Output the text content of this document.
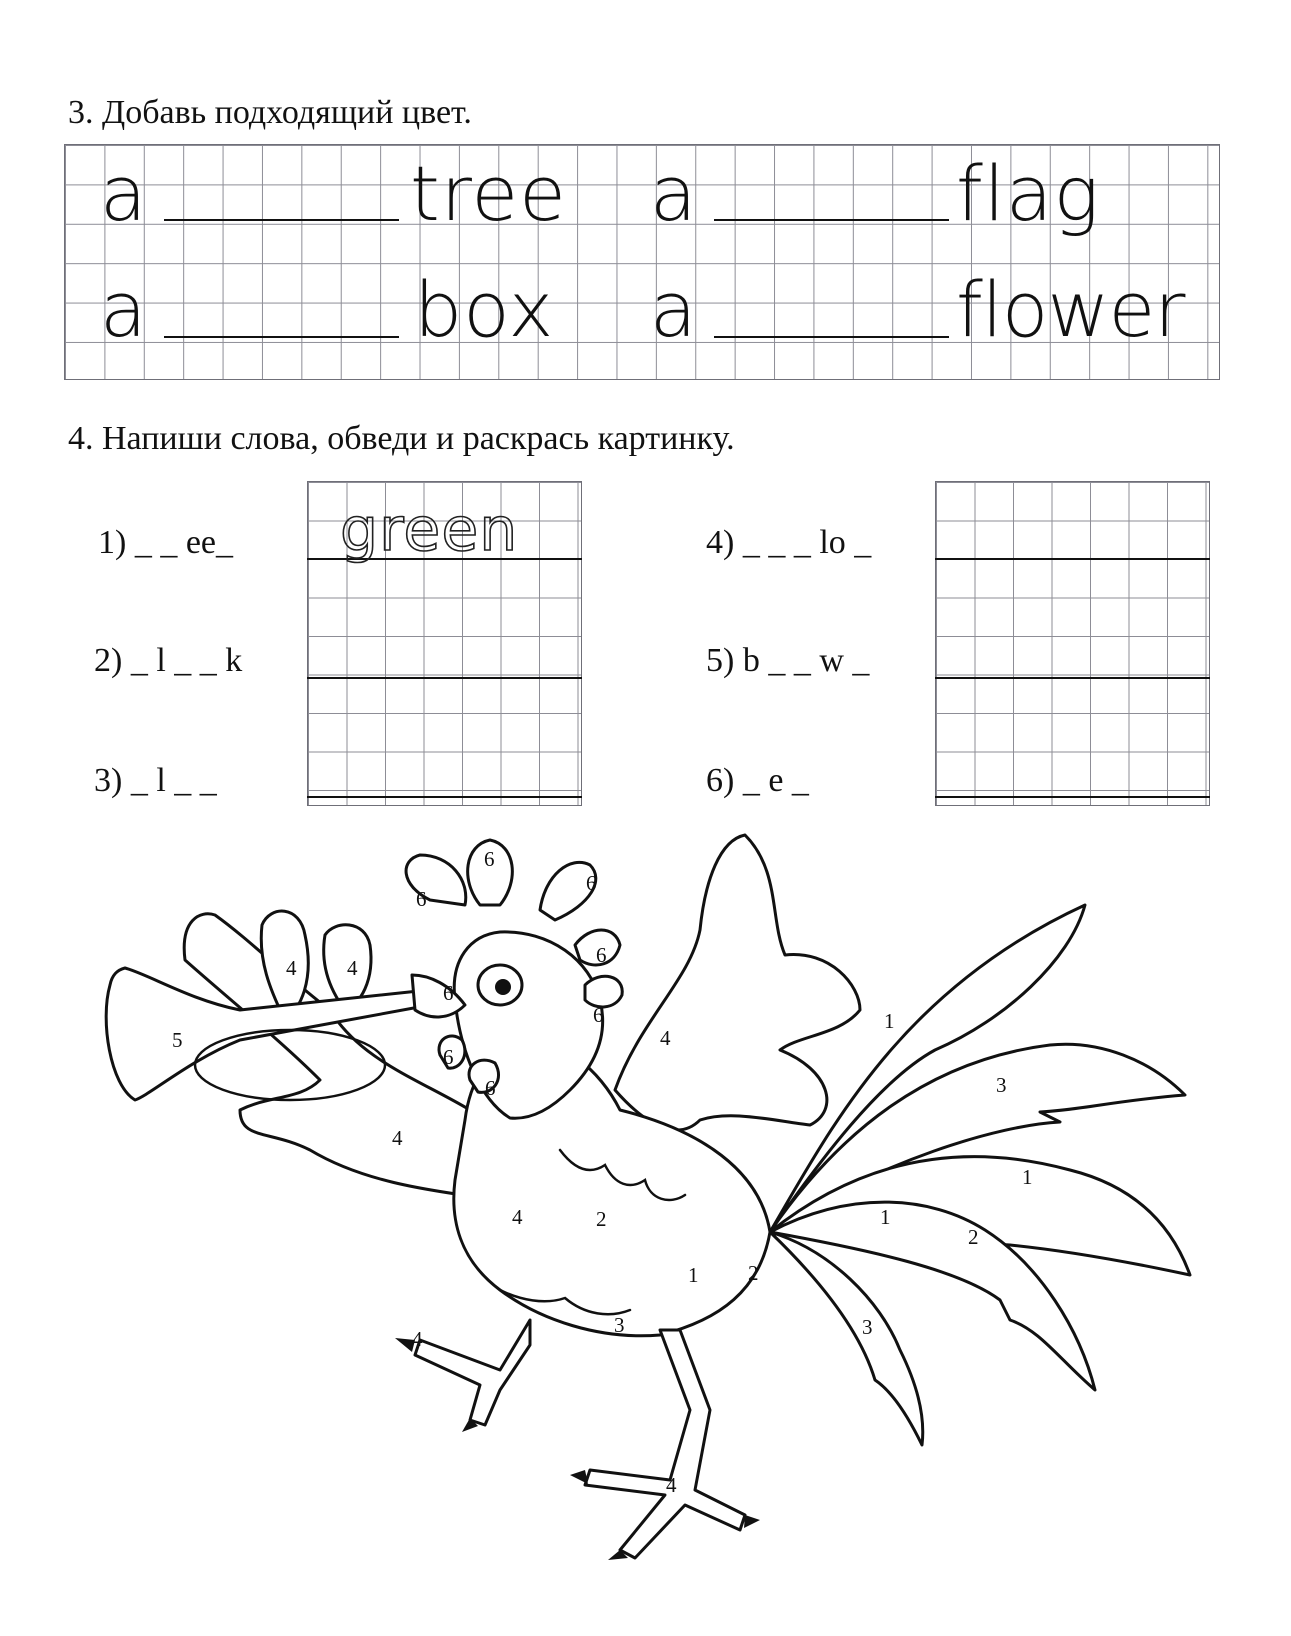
3. Добавь подходящий цвет.
a	tree a	flag
a	box a	flower
4. Напиши слова, обведи и раскрась картинку.
green
1) _ _ ee_
2) _ l _ _ k
3) _ l _ _
4) _ _ _ lo _
5) b _ _ w _
6) _ e _
6
6
6
6
6
6
6
6
4 4
4
5
4
4
4
4
2
1 2
3
1
3
1
1
2
3
